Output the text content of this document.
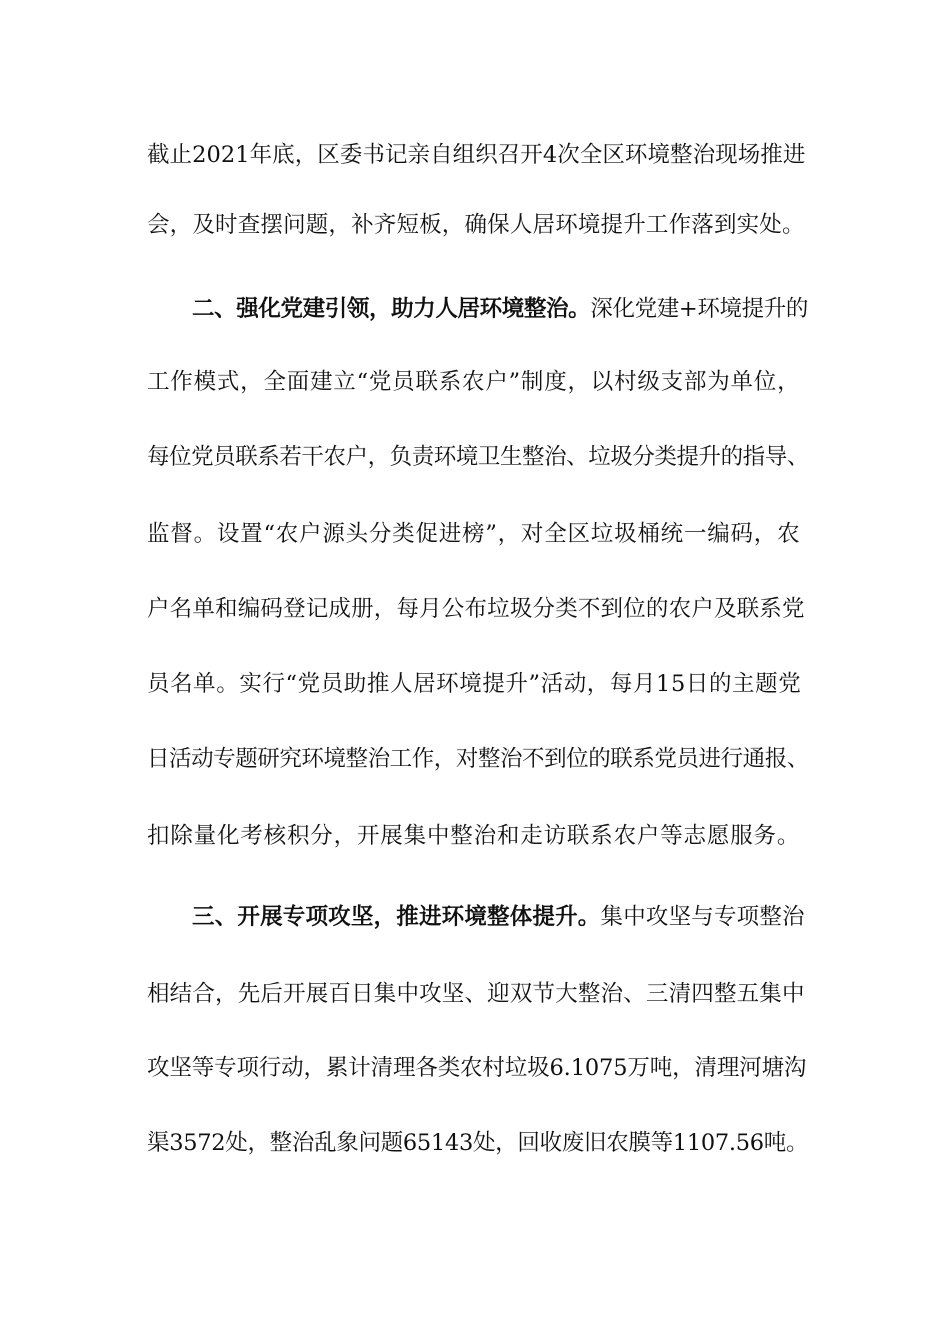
截止2021年底，区委书记亲自组织召开4次全区环境整治现场推进
会，及时查摆问题，补齐短板，确保人居环境提升工作落到实处。
二、强化党建引领，助力人居环境整治。深化党建+环境提升的
工作模式，全面建立“党员联系农户”制度，以村级支部为单位，
每位党员联系若干农户，负责环境卫生整治、垃圾分类提升的指导、
监督。设置“农户源头分类促进榜”，对全区垃圾桶统一编码，农
户名单和编码登记成册，每月公布垃圾分类不到位的农户及联系党
员名单。实行“党员助推人居环境提升”活动，每月15日的主题党
日活动专题研究环境整治工作，对整治不到位的联系党员进行通报、
扣除量化考核积分，开展集中整治和走访联系农户等志愿服务。
三、开展专项攻坚，推进环境整体提升。集中攻坚与专项整治
相结合，先后开展百日集中攻坚、迎双节大整治、三清四整五集中
攻坚等专项行动，累计清理各类农村垃圾6.1075万吨，清理河塘沟
渠3572处，整治乱象问题65143处，回收废旧农膜等1107.56吨。
